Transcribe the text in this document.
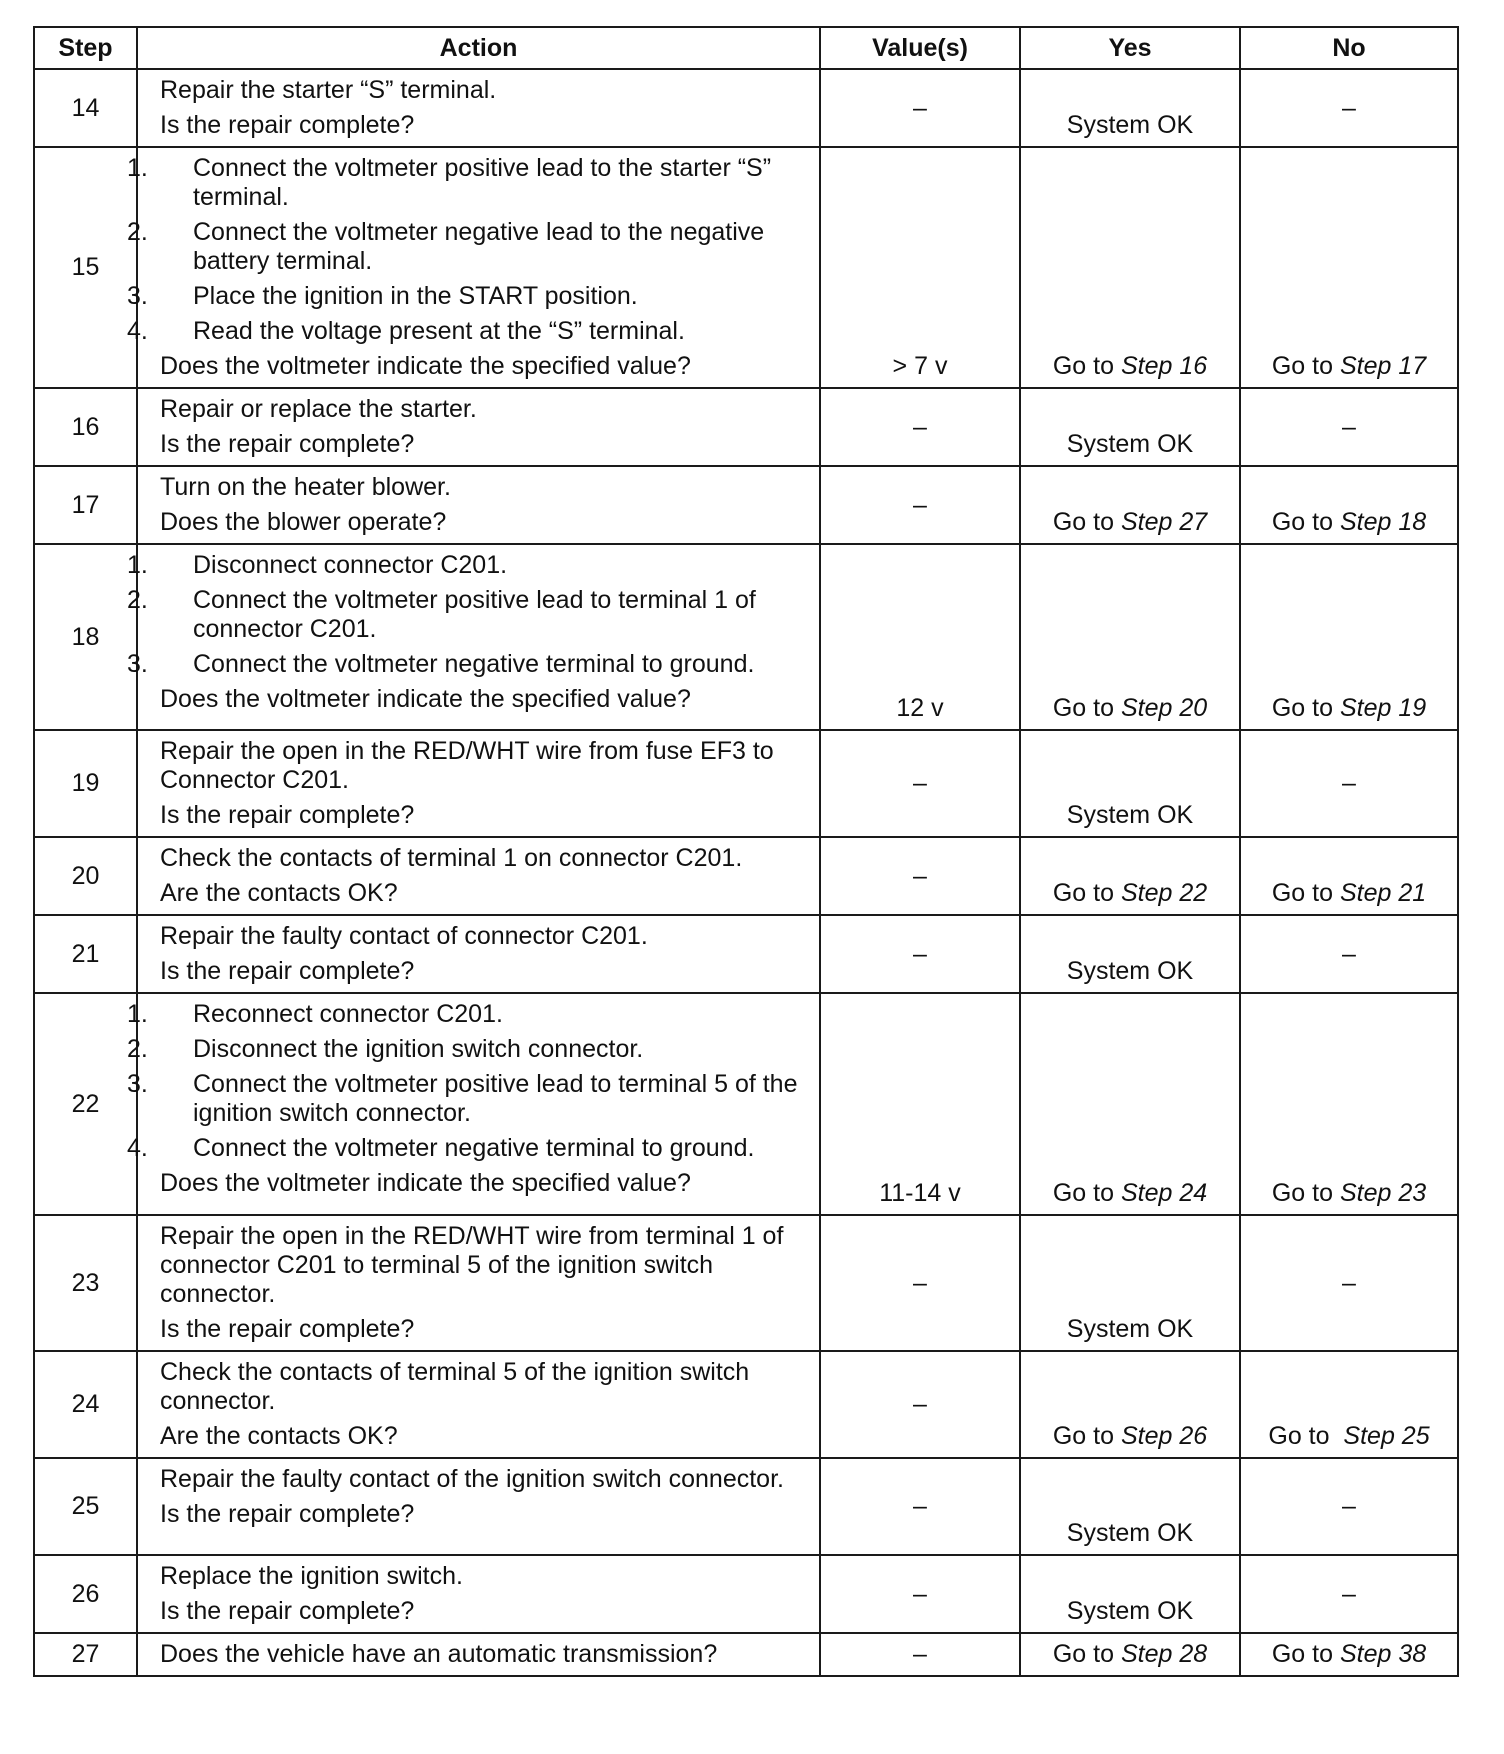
Step	Action	Value(s)	Yes	No
14	Repair the starter “S” terminal.
Is the repair complete?	–	System OK	–
15	1. Connect the voltmeter positive lead to the starter “S” terminal.
2. Connect the voltmeter negative lead to the negative battery terminal.
3. Place the ignition in the START position.
4. Read the voltage present at the “S” terminal.
Does the voltmeter indicate the specified value?	> 7 v	Go to Step 16	Go to Step 17
16	Repair or replace the starter.
Is the repair complete?	–	System OK	–
17	Turn on the heater blower.
Does the blower operate?	–	Go to Step 27	Go to Step 18
18	1. Disconnect connector C201.
2. Connect the voltmeter positive lead to terminal 1 of connector C201.
3. Connect the voltmeter negative terminal to ground.
Does the voltmeter indicate the specified value?	12 v	Go to Step 20	Go to Step 19
19	Repair the open in the RED/WHT wire from fuse EF3 to Connector C201.
Is the repair complete?	–	System OK	–
20	Check the contacts of terminal 1 on connector C201.
Are the contacts OK?	–	Go to Step 22	Go to Step 21
21	Repair the faulty contact of connector C201.
Is the repair complete?	–	System OK	–
22	1. Reconnect connector C201.
2. Disconnect the ignition switch connector.
3. Connect the voltmeter positive lead to terminal 5 of the ignition switch connector.
4. Connect the voltmeter negative terminal to ground.
Does the voltmeter indicate the specified value?	11-14 v	Go to Step 24	Go to Step 23
23	Repair the open in the RED/WHT wire from terminal 1 of connector C201 to terminal 5 of the ignition switch connector.
Is the repair complete?	–	System OK	–
24	Check the contacts of terminal 5 of the ignition switch connector.
Are the contacts OK?	–	Go to Step 26	Go to  Step 25
25	Repair the faulty contact of the ignition switch connector.
Is the repair complete?	–	System OK	–
26	Replace the ignition switch.
Is the repair complete?	–	System OK	–
27	Does the vehicle have an automatic transmission?	–	Go to Step 28	Go to Step 38
